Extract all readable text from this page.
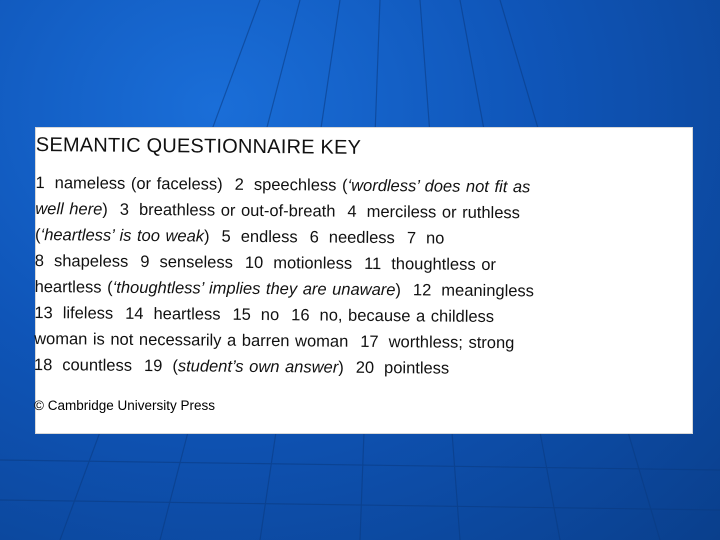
SEMANTIC QUESTIONNAIRE KEY
1 nameless (or faceless) 2 speechless (‘wordless’ does not fit as
well here) 3 breathless or out-of-breath 4 merciless or ruthless
(‘heartless’ is too weak) 5 endless 6 needless 7 no
8 shapeless 9 senseless 10 motionless 11 thoughtless or
heartless (‘thoughtless’ implies they are unaware) 12 meaningless
13 lifeless 14 heartless 15 no 16 no, because a childless
woman is not necessarily a barren woman 17 worthless; strong
18 countless 19 (student’s own answer) 20 pointless
© Cambridge University Press
